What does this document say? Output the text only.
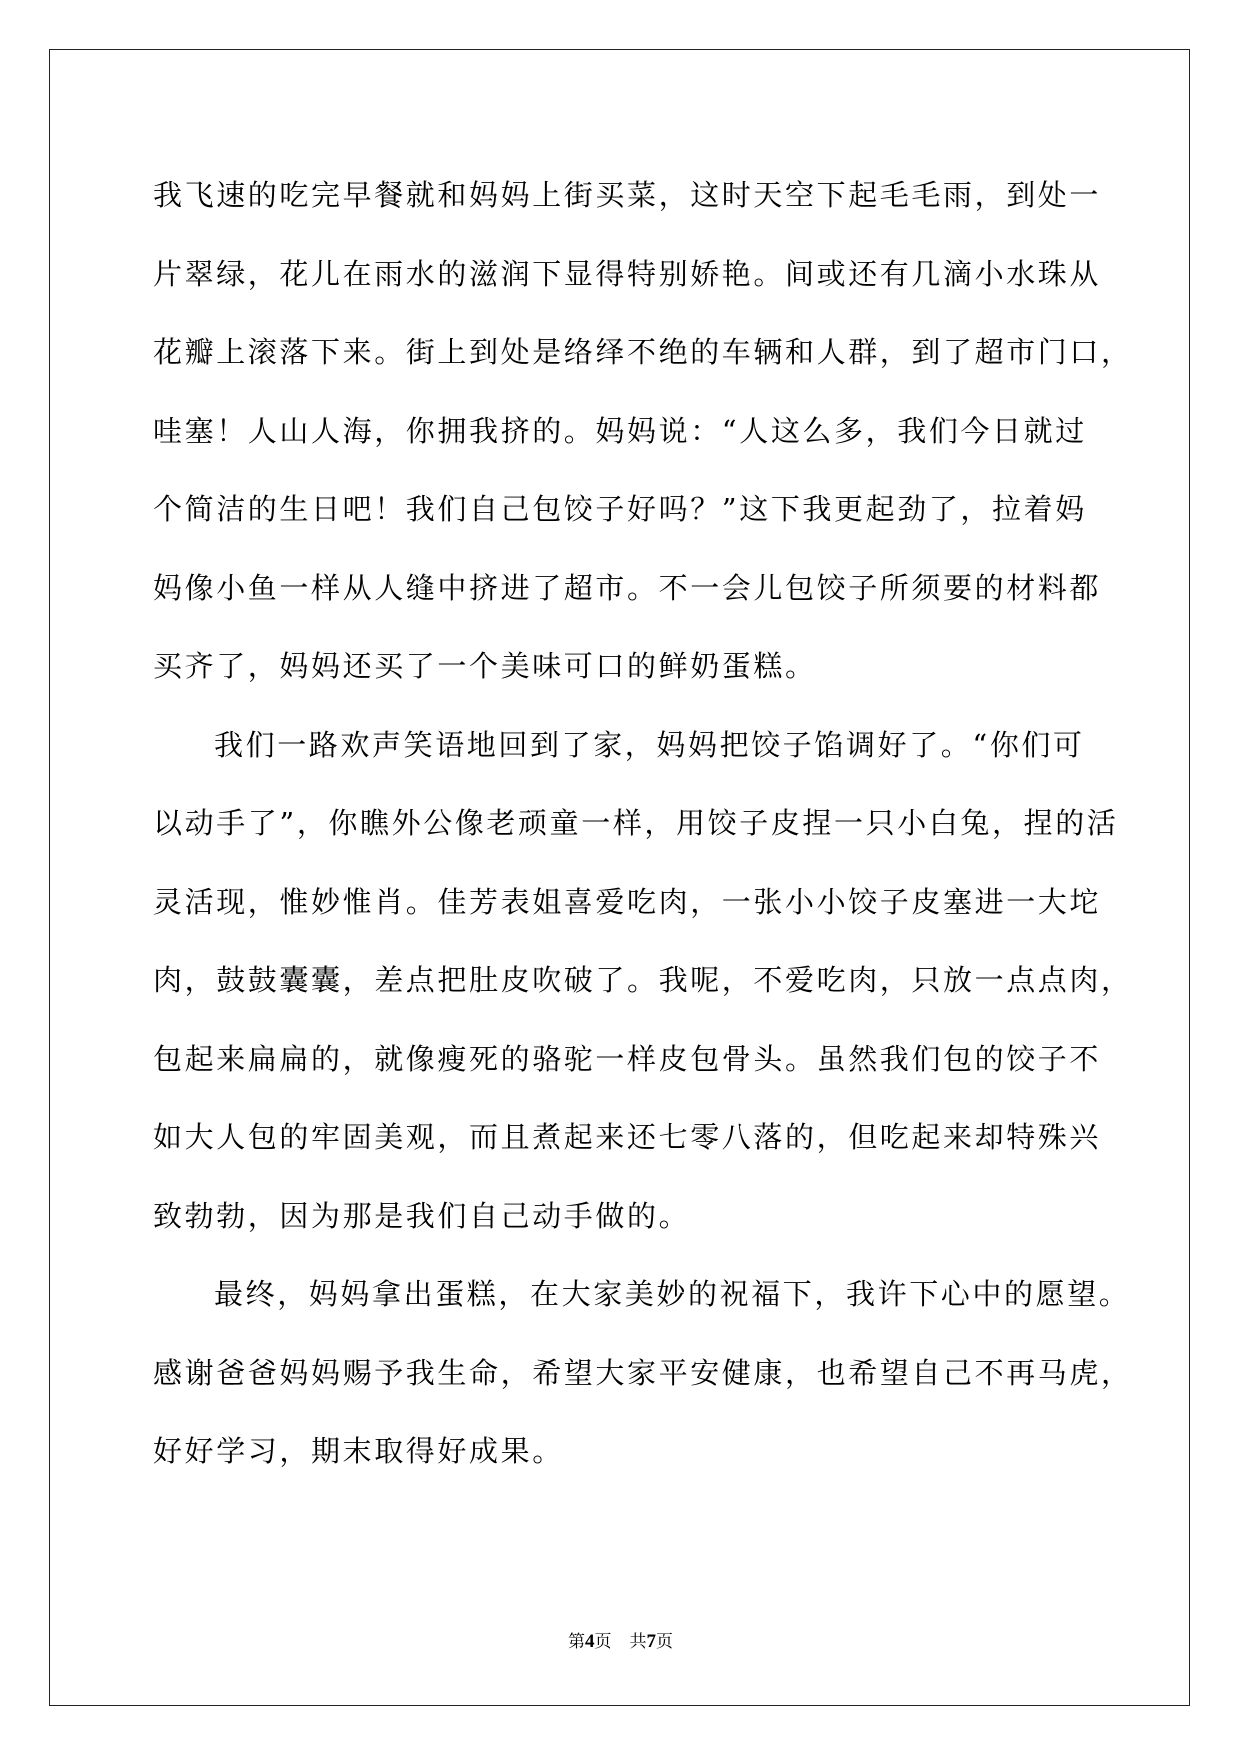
我飞速的吃完早餐就和妈妈上街买菜，这时天空下起毛毛雨，到处一
片翠绿，花儿在雨水的滋润下显得特别娇艳。间或还有几滴小水珠从
花瓣上滚落下来。街上到处是络绎不绝的车辆和人群，到了超市门口，
哇塞！人山人海，你拥我挤的。妈妈说：“人这么多，我们今日就过
个简洁的生日吧！我们自己包饺子好吗？”这下我更起劲了，拉着妈
妈像小鱼一样从人缝中挤进了超市。不一会儿包饺子所须要的材料都
买齐了，妈妈还买了一个美味可口的鲜奶蛋糕。
我们一路欢声笑语地回到了家，妈妈把饺子馅调好了。“你们可
以动手了”，你瞧外公像老顽童一样，用饺子皮捏一只小白兔，捏的活
灵活现，惟妙惟肖。佳芳表姐喜爱吃肉，一张小小饺子皮塞进一大坨
肉，鼓鼓囊囊，差点把肚皮吹破了。我呢，不爱吃肉，只放一点点肉，
包起来扁扁的，就像瘦死的骆驼一样皮包骨头。虽然我们包的饺子不
如大人包的牢固美观，而且煮起来还七零八落的，但吃起来却特殊兴
致勃勃，因为那是我们自己动手做的。
最终，妈妈拿出蛋糕，在大家美妙的祝福下，我许下心中的愿望。
感谢爸爸妈妈赐予我生命，希望大家平安健康，也希望自己不再马虎，
好好学习，期末取得好成果。
第4页 共7页
